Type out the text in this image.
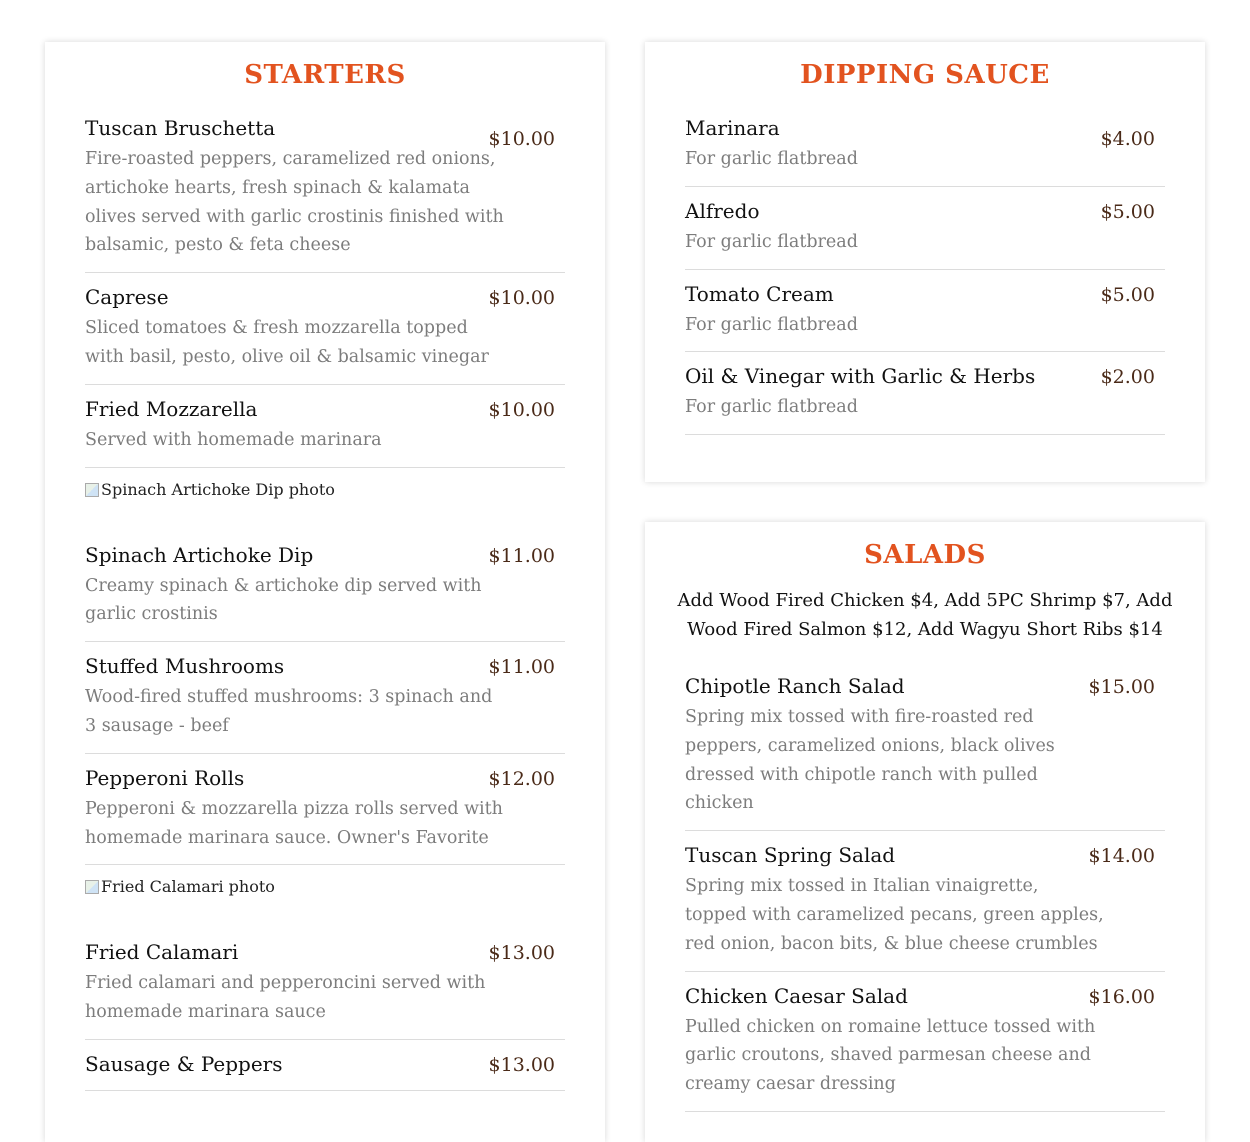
STARTERS
Tuscan Bruschetta	$10.00
Fire-roasted peppers, caramelized red onions, artichoke hearts, fresh spinach & kalamata olives served with garlic crostinis finished with balsamic, pesto & feta cheese
Caprese	$10.00
Sliced tomatoes & fresh mozzarella topped with basil, pesto, olive oil & balsamic vinegar
Fried Mozzarella	$10.00
Served with homemade marinara
Spinach Artichoke Dip photo
Spinach Artichoke Dip	$11.00
Creamy spinach & artichoke dip served with garlic crostinis
Stuffed Mushrooms	$11.00
Wood-fired stuffed mushrooms: 3 spinach and 3 sausage - beef
Pepperoni Rolls	$12.00
Pepperoni & mozzarella pizza rolls served with homemade marinara sauce. Owner's Favorite
Fried Calamari photo
Fried Calamari	$13.00
Fried calamari and pepperoncini served with homemade marinara sauce
Sausage & Peppers	$13.00
DIPPING SAUCE
Marinara	$4.00
For garlic flatbread
Alfredo	$5.00
For garlic flatbread
Tomato Cream	$5.00
For garlic flatbread
Oil & Vinegar with Garlic & Herbs	$2.00
For garlic flatbread
SALADS
Add Wood Fired Chicken $4, Add 5PC Shrimp $7, Add Wood Fired Salmon $12, Add Wagyu Short Ribs $14
Chipotle Ranch Salad	$15.00
Spring mix tossed with fire-roasted red peppers, caramelized onions, black olives dressed with chipotle ranch with pulled chicken
Tuscan Spring Salad	$14.00
Spring mix tossed in Italian vinaigrette, topped with caramelized pecans, green apples, red onion, bacon bits, & blue cheese crumbles
Chicken Caesar Salad	$16.00
Pulled chicken on romaine lettuce tossed with garlic croutons, shaved parmesan cheese and creamy caesar dressing
